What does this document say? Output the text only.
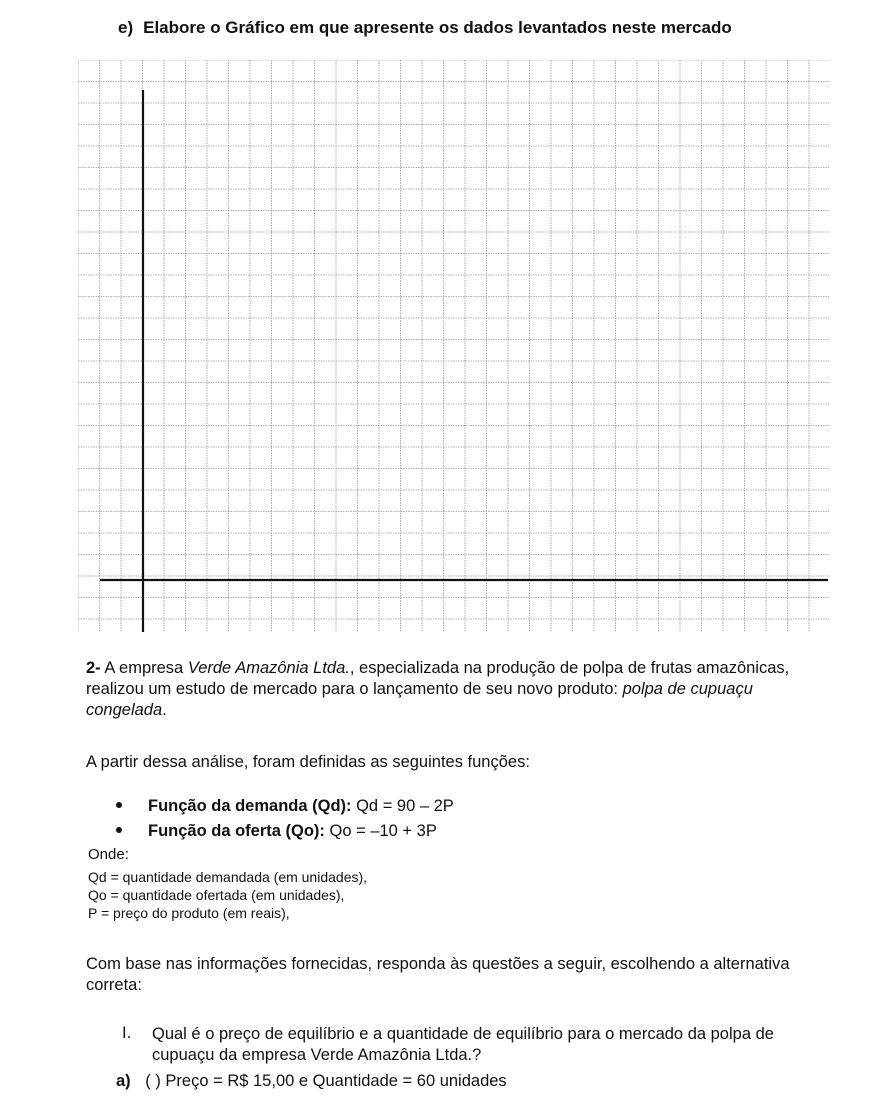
e) Elabore o Gráfico em que apresente os dados levantados neste mercado
2- A empresa Verde Amazônia Ltda., especializada na produção de polpa de frutas amazônicas,
realizou um estudo de mercado para o lançamento de seu novo produto: polpa de cupuaçu
congelada.
A partir dessa análise, foram definidas as seguintes funções:
Função da demanda (Qd): Qd = 90 – 2P
Função da oferta (Qo): Qo = –10 + 3P
Onde:
Qd = quantidade demandada (em unidades),
Qo = quantidade ofertada (em unidades),
P = preço do produto (em reais),
Com base nas informações fornecidas, responda às questões a seguir, escolhendo a alternativa
correta:
I. Qual é o preço de equilíbrio e a quantidade de equilíbrio para o mercado da polpa de
cupuaçu da empresa Verde Amazônia Ltda.?
a) ( ) Preço = R$ 15,00 e Quantidade = 60 unidades
